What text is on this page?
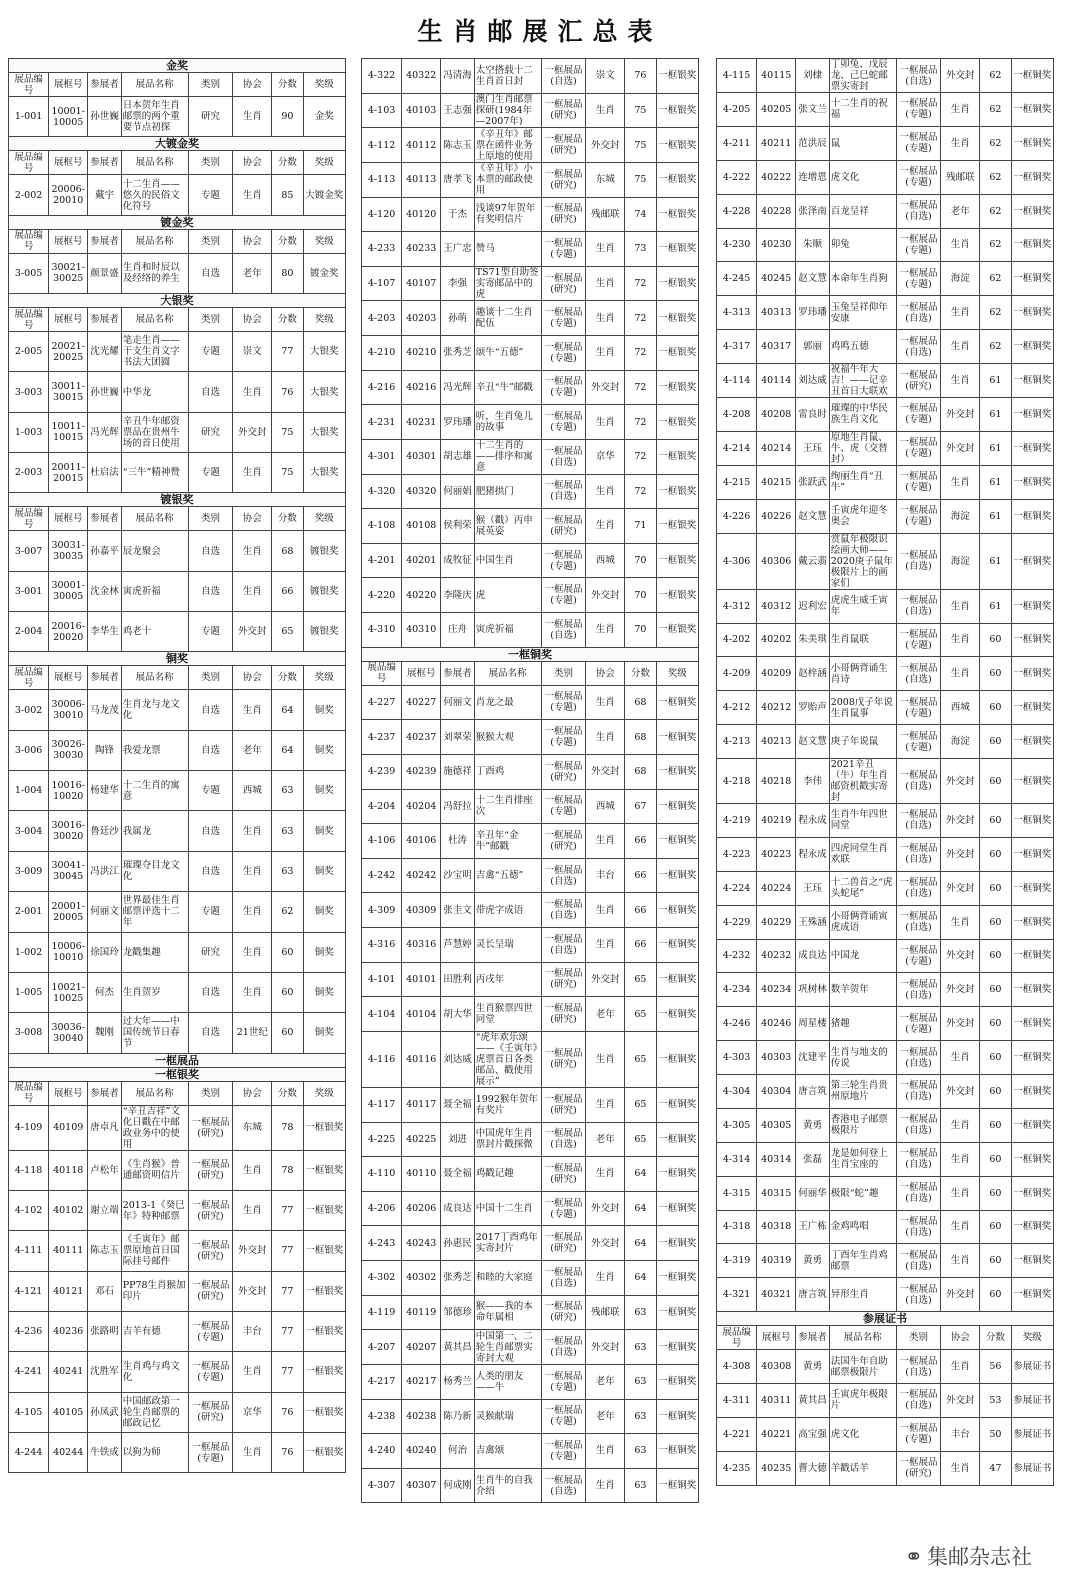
生肖邮展汇总表
金奖							
展品编号	展框号	参展者	展品名称	类别	协会	分数	奖级
1-001	10001-10005	孙世巍	日本贺年生肖邮票的两个重要节点初探	研究	生肖	90	金奖
大镀金奖							
展品编号	展框号	参展者	展品名称	类别	协会	分数	奖级
2-002	20006-20010	戴宇	十二生肖——悠久的民俗文化符号	专题	生肖	85	大镀金奖
镀金奖							
展品编号	展框号	参展者	展品名称	类别	协会	分数	奖级
3-005	30021-30025	颜景盛	生肖和时辰以及经络的养生	自选	老年	80	镀金奖
大银奖							
展品编号	展框号	参展者	展品名称	类别	协会	分数	奖级
2-005	20021-20025	沈光耀	笔走生肖——干支生肖文字书法大团圆	专题	崇文	77	大银奖
3-003	30011-30015	孙世巍	中华龙	自选	生肖	76	大银奖
1-003	10011-10015	冯光辉	辛丑牛年邮资票品在贵州牛场的首日使用	研究	外交封	75	大银奖
2-003	20011-20015	杜启法	“三牛”精神赞	专题	生肖	75	大银奖
镀银奖							
展品编号	展框号	参展者	展品名称	类别	协会	分数	奖级
3-007	30031-30035	孙嘉平	辰龙聚会	自选	生肖	68	镀银奖
3-001	30001-30005	沈金林	寅虎祈福	自选	生肖	66	镀银奖
2-004	20016-20020	李华生	鸡老十	专题	外交封	65	镀银奖
铜奖							
展品编号	展框号	参展者	展品名称	类别	协会	分数	奖级
3-002	30006-30010	马龙茂	生肖龙与龙文化	自选	生肖	64	铜奖
3-006	30026-30030	陶锋	我爱龙票	自选	老年	64	铜奖
1-004	10016-10020	杨建华	十二生肖的寓意	专题	西城	63	铜奖
3-004	30016-30020	鲁廷沙	我属龙	自选	生肖	63	铜奖
3-009	30041-30045	冯洪江	璀璨夺目龙文化	自选	生肖	63	铜奖
2-001	20001-20005	何丽文	世界最佳生肖邮票评选十二年	专题	生肖	62	铜奖
1-002	10006-10010	徐国玲	龙戳集趣	研究	生肖	60	铜奖
1-005	10021-10025	何杰	生肖贺岁	自选	生肖	60	铜奖
3-008	30036-30040	魏刚	过大年——中国传统节日春节	自选	21世纪	60	铜奖
一框展品							
一框银奖							
展品编号	展框号	参展者	展品名称	类别	协会	分数	奖级
4-109	40109	唐卓凡	“辛丑吉祥”文化日戳在中邮政业务中的使用	一框展品(研究)	东城	78	一框银奖
4-118	40118	卢松年	《生肖猴》普通邮资明信片	一框展品(研究)	生肖	78	一框银奖
4-102	40102	谢立端	2013-1《癸巳年》特种邮票	一框展品(研究)	生肖	77	一框银奖
4-111	40111	陈志玉	《壬寅年》邮票原地首日国际挂号邮件	一框展品(研究)	外交封	77	一框银奖
4-121	40121	邓石	PP78生肖猴加印片	一框展品(研究)	外交封	77	一框银奖
4-236	40236	张路明	吉羊有德	一框展品(专题)	丰台	77	一框银奖
4-241	40241	沈胜军	生肖鸡与鸡文化	一框展品(专题)	生肖	77	一框银奖
4-105	40105	孙凤武	中国邮政第一轮生肖邮票的邮政记忆	一框展品(研究)	京华	76	一框银奖
4-244	40244	牛铁成	以狗为师	一框展品(专题)	生肖	76	一框银奖
4-322	40322	冯清海	太空搭载十二生肖首日封	一框展品(自选)	崇文	76	一框银奖
4-103	40103	王志强	澳门生肖邮票探研(1984年—2007年)	一框展品(研究)	生肖	75	一框银奖
4-112	40112	陈志玉	《辛丑年》邮票在函件业务上原地的使用	一框展品(研究)	外交封	75	一框银奖
4-113	40113	唐孝飞	《辛丑年》小本票的邮政使用	一框展品(研究)	东城	75	一框银奖
4-120	40120	于杰	浅谈97年贺年有奖明信片	一框展品(研究)	残邮联	74	一框银奖
4-233	40233	王广忠	赞马	一框展品(专题)	生肖	73	一框银奖
4-107	40107	李强	TS71型自助签实寄邮品中的虎	一框展品(研究)	生肖	72	一框银奖
4-203	40203	孙萌	趣谈十二生肖配伍	一框展品(专题)	生肖	72	一框银奖
4-210	40210	张秀芝	颂牛“五德”	一框展品(专题)	生肖	72	一框银奖
4-216	40216	冯光辉	辛丑“牛”邮戳	一框展品(专题)	外交封	72	一框银奖
4-231	40231	罗玮璠	听，生肖兔儿的故事	一框展品(专题)	生肖	72	一框银奖
4-301	40301	胡志雄	十二生肖的——排序和寓意	一框展品(自选)	京华	72	一框银奖
4-320	40320	何丽娟	肥猪拱门	一框展品(自选)	生肖	72	一框银奖
4-108	40108	侯利荣	猴（戳）丙申展英姿	一框展品(研究)	生肖	71	一框银奖
4-201	40201	成牧征	中国生肖	一框展品(专题)	西城	70	一框银奖
4-220	40220	李隆庆	虎	一框展品(专题)	外交封	70	一框银奖
4-310	40310	庄舟	寅虎祈福	一框展品(自选)	生肖	70	一框银奖
一框铜奖							
展品编号	展框号	参展者	展品名称	类别	协会	分数	奖级
4-227	40227	何丽文	肖龙之最	一框展品(专题)	生肖	68	一框铜奖
4-237	40237	刘翠荣	猴猴大观	一框展品(专题)	生肖	68	一框铜奖
4-239	40239	施德祥	丁酉鸡	一框展品(研究)	外交封	68	一框铜奖
4-204	40204	冯舒拉	十二生肖排座次	一框展品(专题)	西城	67	一框铜奖
4-106	40106	杜涛	辛丑年“金牛”邮戳	一框展品(研究)	生肖	66	一框铜奖
4-242	40242	沙宝明	吉禽“五德”	一框展品(自选)	丰台	66	一框铜奖
4-309	40309	张圭文	带虎字成语	一框展品(自选)	生肖	66	一框铜奖
4-316	40316	芦慧婷	灵长呈瑞	一框展品(自选)	生肖	66	一框铜奖
4-101	40101	田胜利	丙戌年	一框展品(研究)	外交封	65	一框铜奖
4-104	40104	胡大华	生肖猴票四世同堂	一框展品(研究)	老年	65	一框铜奖
4-116	40116	刘达威	“虎年欢乐颂——《壬寅年》虎票首日各类邮品、戳使用展示”	一框展品(研究)	生肖	65	一框铜奖
4-117	40117	聂全福	1992猴年贺年有奖片	一框展品(研究)	生肖	65	一框铜奖
4-225	40225	刘进	中国虎年生肖票封片戳探微	一框展品(自选)	老年	65	一框铜奖
4-110	40110	聂全福	鸡戳记趣	一框展品(研究)	生肖	64	一框铜奖
4-206	40206	成良达	中国十二生肖	一框展品(专题)	外交封	64	一框铜奖
4-243	40243	孙惠民	2017丁酉鸡年实寄封片	一框展品(研究)	外交封	64	一框铜奖
4-302	40302	张秀芝	和睦的大家庭	一框展品(自选)	生肖	64	一框铜奖
4-119	40119	邹德珍	猴——我的本命年属相	一框展品(研究)	残邮联	63	一框铜奖
4-207	40207	黄其昌	中国第一、二轮生肖邮票实寄封大观	一框展品(自选)	外交封	63	一框铜奖
4-217	40217	杨秀兰	人类的朋友——牛	一框展品(专题)	老年	63	一框铜奖
4-238	40238	陈乃新	灵猴献瑞	一框展品(专题)	老年	63	一框铜奖
4-240	40240	何治	吉禽颂	一框展品(专题)	生肖	63	一框铜奖
4-307	40307	何成刚	生肖牛的自我介绍	一框展品(自选)	生肖	63	一框铜奖
4-115	40115	刘棣	丁卯兔、戊辰龙、己巳蛇邮票实寄封	一框展品(自选)	外交封	62	一框铜奖
4-205	40205	张文兰	十二生肖的祝福	一框展品(专题)	生肖	62	一框铜奖
4-211	40211	范洪辰	鼠	一框展品(专题)	生肖	62	一框铜奖
4-222	40222	连增恩	虎文化	一框展品(专题)	残邮联	62	一框铜奖
4-228	40228	张泽南	百龙呈祥	一框展品(自选)	老年	62	一框铜奖
4-230	40230	朱顺	卯兔	一框展品(专题)	生肖	62	一框铜奖
4-245	40245	赵文慧	本命年生肖狗	一框展品(专题)	海淀	62	一框铜奖
4-313	40313	罗玮璠	玉兔呈祥仰年安康	一框展品(自选)	生肖	62	一框铜奖
4-317	40317	郭丽	鸡鸣五德	一框展品(自选)	生肖	62	一框铜奖
4-114	40114	刘达威	祝福牛年大吉！——记辛丑首日大联欢	一框展品(研究)	生肖	61	一框铜奖
4-208	40208	雷良时	璀璨的中华民族生肖文化	一框展品(专题)	外交封	61	一框铜奖
4-214	40214	王珏	原地生肖鼠、牛、虎（交替封）	一框展品(专题)	外交封	61	一框铜奖
4-215	40215	张跃武	绚丽生肖“丑牛”	一框展品(专题)	生肖	61	一框铜奖
4-226	40226	赵文慧	壬寅虎年迎冬奥会	一框展品(专题)	海淀	61	一框铜奖
4-306	40306	戴云翡	赏鼠年极限识绘画大师——2020庚子鼠年极限片上的画家们	一框展品(自选)	海淀	61	一框铜奖
4-312	40312	迟利宏	虎虎生威壬寅年	一框展品(自选)	生肖	61	一框铜奖
4-202	40202	朱美琪	生肖鼠联	一框展品(专题)	生肖	60	一框铜奖
4-209	40209	赵梓涵	小哥俩背诵生肖诗	一框展品(自选)	生肖	60	一框铜奖
4-212	40212	罗贻声	2008戊子年说生肖鼠事	一框展品(专题)	西城	60	一框铜奖
4-213	40213	赵文慧	庚子年说鼠	一框展品(专题)	海淀	60	一框铜奖
4-218	40218	李伟	2021辛丑（牛）年生肖邮资机戳实寄封	一框展品(自选)	外交封	60	一框铜奖
4-219	40219	程永成	生肖牛年四世同堂	一框展品(自选)	外交封	60	一框铜奖
4-223	40223	程永成	四虎同堂生肖欢联	一框展品(自选)	外交封	60	一框铜奖
4-224	40224	王珏	十二兽首之“虎头蛇尾”	一框展品(自选)	外交封	60	一框铜奖
4-229	40229	王殊涵	小哥俩背诵寅虎成语	一框展品(自选)	生肖	60	一框铜奖
4-232	40232	成良达	中国龙	一框展品(专题)	外交封	60	一框铜奖
4-234	40234	巩树林	数羊贺年	一框展品(自选)	外交封	60	一框铜奖
4-246	40246	周星楼	猪趣	一框展品(专题)	外交封	60	一框铜奖
4-303	40303	沈建平	生肖与地支的传说	一框展品(自选)	生肖	60	一框铜奖
4-304	40304	唐言筑	第三轮生肖贵州原地片	一框展品(自选)	外交封	60	一框铜奖
4-305	40305	黄勇	香港电子邮票极限片	一框展品(自选)	生肖	60	一框铜奖
4-314	40314	张磊	龙是如何登上生肖宝座的	一框展品(自选)	生肖	60	一框铜奖
4-315	40315	何丽华	极限“蛇”趣	一框展品(自选)	生肖	60	一框铜奖
4-318	40318	王广栋	金鸡鸣唱	一框展品(自选)	生肖	60	一框铜奖
4-319	40319	黄勇	丁酉年生肖鸡邮票	一框展品(自选)	生肖	60	一框铜奖
4-321	40321	唐言筑	异形生肖	一框展品(自选)	外交封	60	一框铜奖
参展证书							
展品编号	展框号	参展者	展品名称	类别	协会	分数	奖级
4-308	40308	黄勇	法国牛年自助邮票极限片	一框展品(自选)	生肖	56	参展证书
4-311	40311	黄其昌	壬寅虎年极限片	一框展品(自选)	外交封	53	参展证书
4-221	40221	高宝强	虎文化	一框展品(专题)	丰台	50	参展证书
4-235	40235	曹大德	羊戳话羊	一框展品(研究)	生肖	47	参展证书
⚭ 集邮杂志社
